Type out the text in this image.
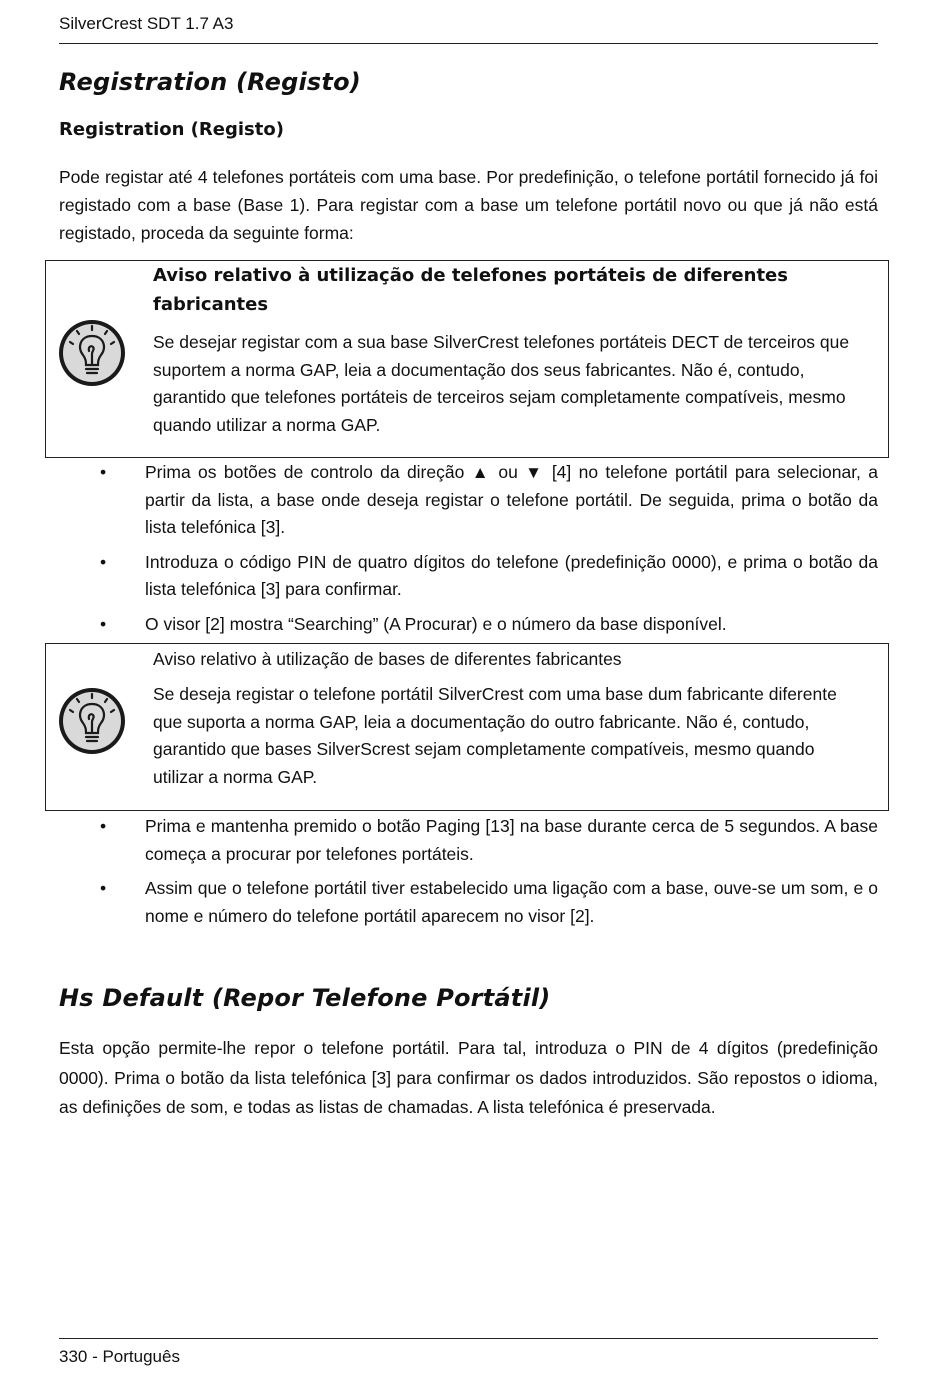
SilverCrest SDT 1.7 A3
Registration (Registo)
Registration (Registo)

Pode registar até 4 telefones portáteis com uma base. Por predefinição, o telefone portátil fornecido já foi registado com a base (Base 1). Para registar com a base um telefone portátil novo ou que já não está registado, proceda da seguinte forma:

Aviso relativo à utilização de telefones portáteis de diferentes fabricantes

Se desejar registar com a sua base SilverCrest telefones portáteis DECT de terceiros que suportem a norma GAP, leia a documentação dos seus fabricantes. Não é, contudo, garantido que telefones portáteis de terceiros sejam completamente compatíveis, mesmo quando utilizar a norma GAP.

• Prima os botões de controlo da direção ▲ ou ▼ [4] no telefone portátil para selecionar, a partir da lista, a base onde deseja registar o telefone portátil. De seguida, prima o botão da lista telefónica [3].
• Introduza o código PIN de quatro dígitos do telefone (predefinição 0000), e prima o botão da lista telefónica [3] para confirmar.
• O visor [2] mostra “Searching” (A Procurar) e o número da base disponível.

Aviso relativo à utilização de bases de diferentes fabricantes

Se deseja registar o telefone portátil SilverCrest com uma base dum fabricante diferente que suporta a norma GAP, leia a documentação do outro fabricante. Não é, contudo, garantido que bases SilverScrest sejam completamente compatíveis, mesmo quando utilizar a norma GAP.

• Prima e mantenha premido o botão Paging [13] na base durante cerca de 5 segundos. A base começa a procurar por telefones portáteis.
• Assim que o telefone portátil tiver estabelecido uma ligação com a base, ouve-se um som, e o nome e número do telefone portátil aparecem no visor [2].
Hs Default (Repor Telefone Portátil)

Esta opção permite-lhe repor o telefone portátil. Para tal, introduza o PIN de 4 dígitos (predefinição 0000). Prima o botão da lista telefónica [3] para confirmar os dados introduzidos. São repostos o idioma, as definições de som, e todas as listas de chamadas. A lista telefónica é preservada.

330 - Português
